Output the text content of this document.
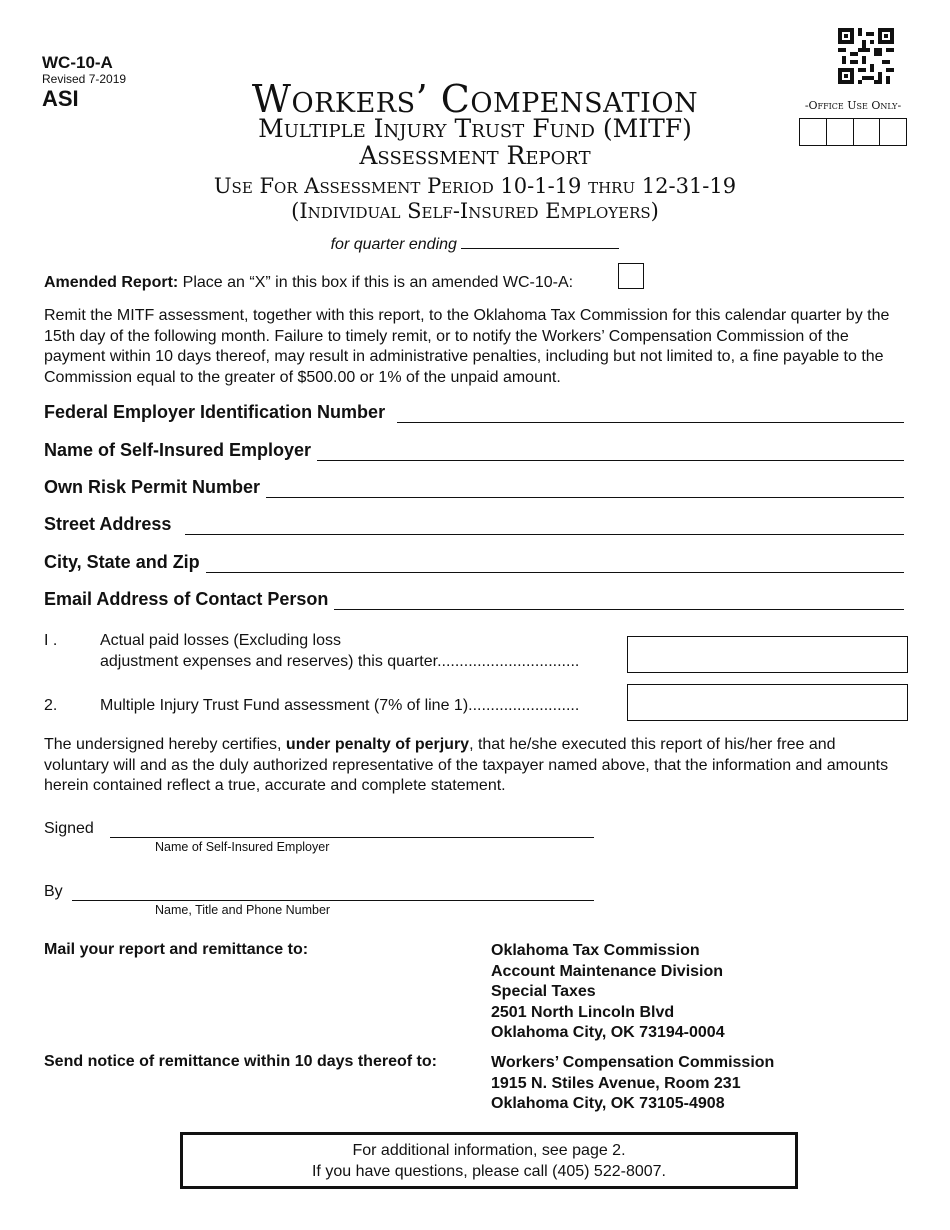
WC-10-A
Revised 7-2019
ASI	Workers’ Compensation
Multiple Injury Trust Fund (MITF)
Assessment Report
Use For Assessment Period 10-1-19 thru 12-31-19
(Individual Self-Insured Employers)
for quarter ending
-Office Use Only-
Amended Report: Place an “X” in this box if this is an amended WC-10-A:
Remit the MITF assessment, together with this report, to the Oklahoma Tax Commission for this calendar quarter by the 15th day of the following month. Failure to timely remit, or to notify the Workers’ Compensation Commission of the payment within 10 days thereof, may result in administrative penalties, including but not limited to, a fine payable to the Commission equal to the greater of $500.00 or 1% of the unpaid amount.
Federal Employer Identification Number
Name of Self-Insured Employer
Own Risk Permit Number
Street Address
City, State and Zip
Email Address of Contact Person
I .	Actual paid losses (Excluding loss
adjustment expenses and reserves) this quarter................................
2.	Multiple Injury Trust Fund assessment (7% of line 1).........................
The undersigned hereby certifies, under penalty of perjury, that he/she executed this report of his/her free and voluntary will and as the duly authorized representative of the taxpayer named above, that the information and amounts herein contained reflect a true, accurate and complete statement.
Signed
Name of Self-Insured Employer
By
Name, Title and Phone Number
Mail your report and remittance to:	Oklahoma Tax Commission
Account Maintenance Division
Special Taxes
2501 North Lincoln Blvd
Oklahoma City, OK 73194-0004
Send notice of remittance within 10 days thereof to:	Workers’ Compensation Commission
1915 N. Stiles Avenue, Room 231
Oklahoma City, OK 73105-4908
For additional information, see page 2.
If you have questions, please call (405) 522-8007.
